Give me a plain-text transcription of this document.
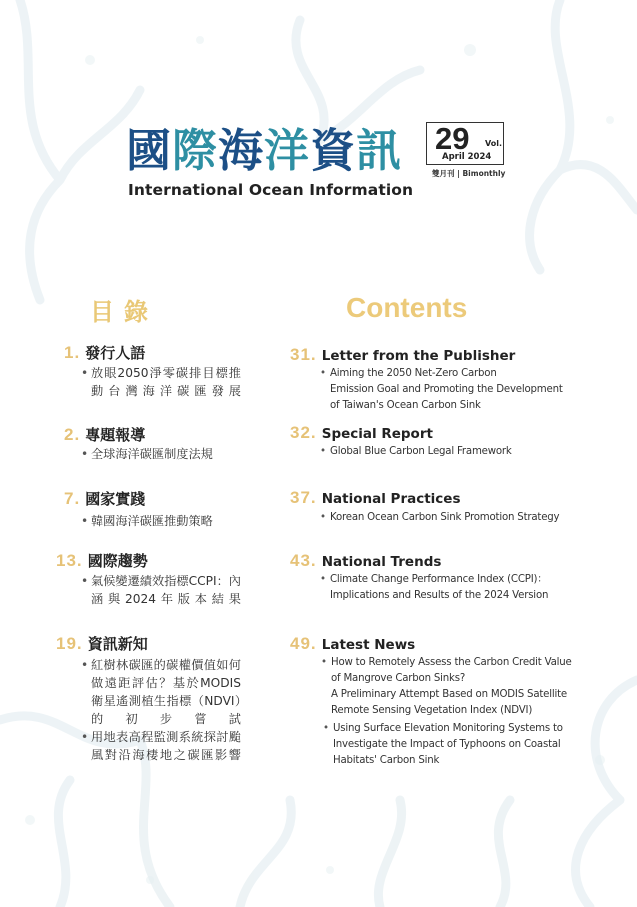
國際海洋資訊
International Ocean Information
29 Vol.
April 2024
雙月刊 | Bimonthly
目錄	Contents
1. 發行人語
• 放眼2050淨零碳排目標推動台灣海洋碳匯發展
2. 專題報導
• 全球海洋碳匯制度法規
7. 國家實踐
• 韓國海洋碳匯推動策略
13. 國際趨勢
• 氣候變遷績效指標CCPI：內涵與2024年版本結果
19. 資訊新知
• 紅樹林碳匯的碳權價值如何做遠距評估？基於MODIS衛星遙測植生指標（NDVI）的初步嘗試
• 用地表高程監測系統探討颱風對沿海棲地之碳匯影響
31. Letter from the Publisher
• Aiming the 2050 Net-Zero Carbon
Emission Goal and Promoting the Development
of Taiwan's Ocean Carbon Sink
32. Special Report
• Global Blue Carbon Legal Framework
37. National Practices
• Korean Ocean Carbon Sink Promotion Strategy
43. National Trends
• Climate Change Performance Index (CCPI)：
Implications and Results of the 2024 Version
49. Latest News
• How to Remotely Assess the Carbon Credit Value
of Mangrove Carbon Sinks?
A Preliminary Attempt Based on MODIS Satellite
Remote Sensing Vegetation Index (NDVI)
• Using Surface Elevation Monitoring Systems to
Investigate the Impact of Typhoons on Coastal
Habitats' Carbon Sink
